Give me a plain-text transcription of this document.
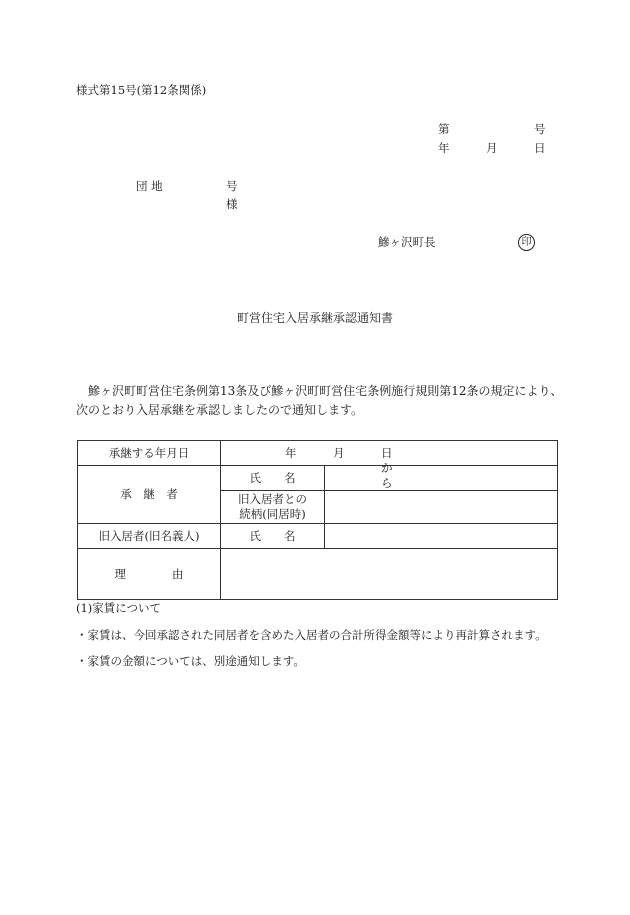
様式第15号(第12条関係)
第	号
年	月	日
団 地	号
様
鰺ヶ沢町長	印
町営住宅入居承継承認通知書
鰺ヶ沢町町営住宅条例第13条及び鰺ヶ沢町町営住宅条例施行規則第12条の規定により、
次のとおり入居承継を承認しましたので通知します。
承継する年月日	年 月 日から	

承　継　者	氏　　名	

	旧入居者との
続柄(同居時)	

旧入居者(旧名義人)	氏　　名	
理　　　　由		
(1)家賃について
・家賃は、今回承認された同居者を含めた入居者の合計所得金額等により再計算されます。
・家賃の金額については、別途通知します。
